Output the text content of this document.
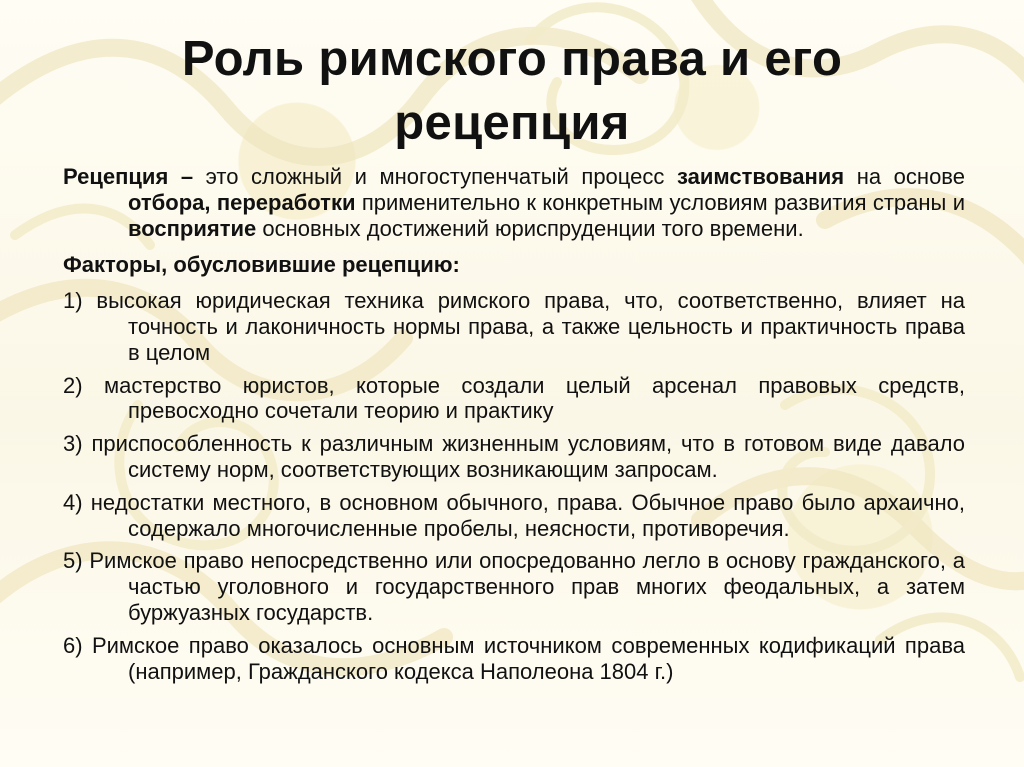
Роль римского права и его рецепция

Рецепция – это сложный и многоступенчатый процесс заимствования на основе отбора, переработки применительно к конкретным условиям развития страны и восприятие основных достижений юриспруденции того времени.

Факторы, обусловившие рецепцию:

1) высокая юридическая техника римского права, что, соответственно, влияет на точность и лаконичность нормы права, а также цельность и практичность права в целом

2) мастерство юристов, которые создали целый арсенал правовых средств, превосходно сочетали теорию и практику

3) приспособленность к различным жизненным условиям, что в готовом виде давало систему норм, соответствующих возникающим запросам.

4) недостатки местного, в основном обычного, права. Обычное право было архаично, содержало многочисленные пробелы, неясности, противоречия.

5) Римское право непосредственно или опосредованно легло в основу гражданского, а частью уголовного и государственного прав многих феодальных, а затем буржуазных государств.

6) Римское право оказалось основным источником современных кодификаций права (например, Гражданского кодекса Наполеона 1804 г.)
